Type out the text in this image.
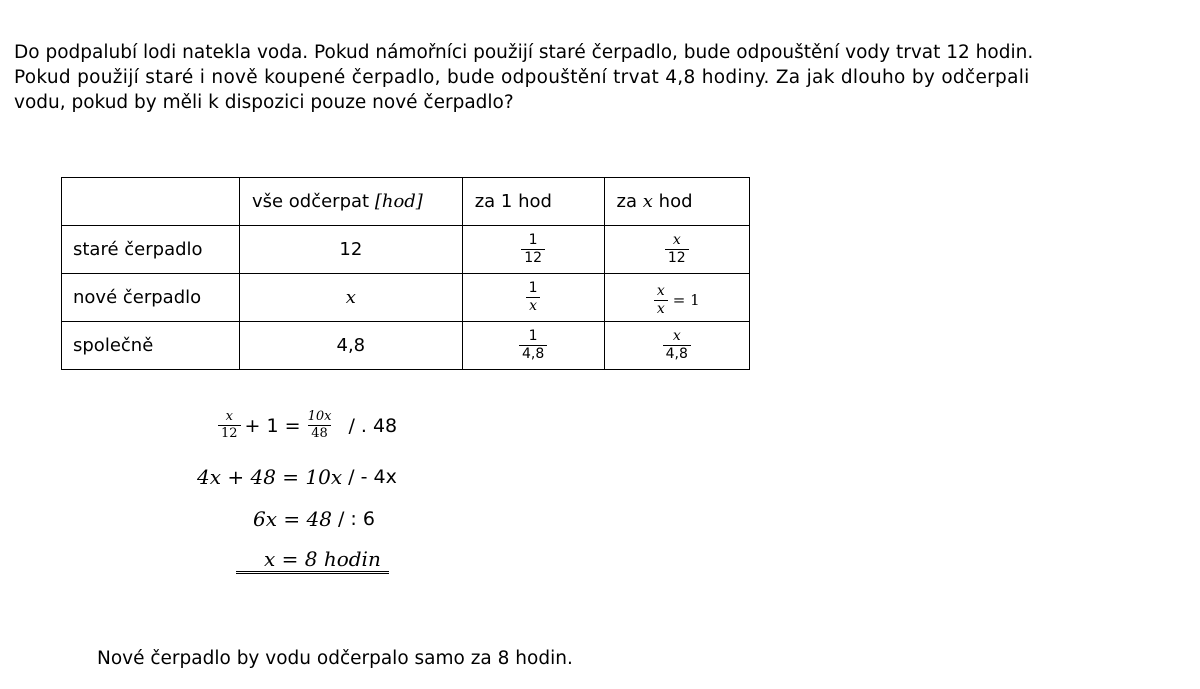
Do podpalubí lodi natekla voda. Pokud námořníci použijí staré čerpadlo, bude odpouštění vody trvat 12 hodin.
Pokud použijí staré i nově koupené čerpadlo, bude odpouštění trvat 4,8 hodiny. Za jak dlouho by odčerpali
vodu, pokud by měli k dispozici pouze nové čerpadlo?

	vše odčerpat [hod]	za 1 hod	za x hod
staré čerpadlo	12	$\frac{1}{12}$	$\frac{x}{12}$

nové čerpadlo	x	$\frac{1}{x}$	$\frac{x}{x} = 1$

společně	4,8	$\frac{1}{4,8}$	$\frac{x}{4,8}$
$\frac{x}{12} + 1 = \frac{10x}{48}$ / . 48
4x + 48 = 10x / - 4x
6x = 48 / : 6
x = 8 hodin
Nové čerpadlo by vodu odčerpalo samo za 8 hodin.
